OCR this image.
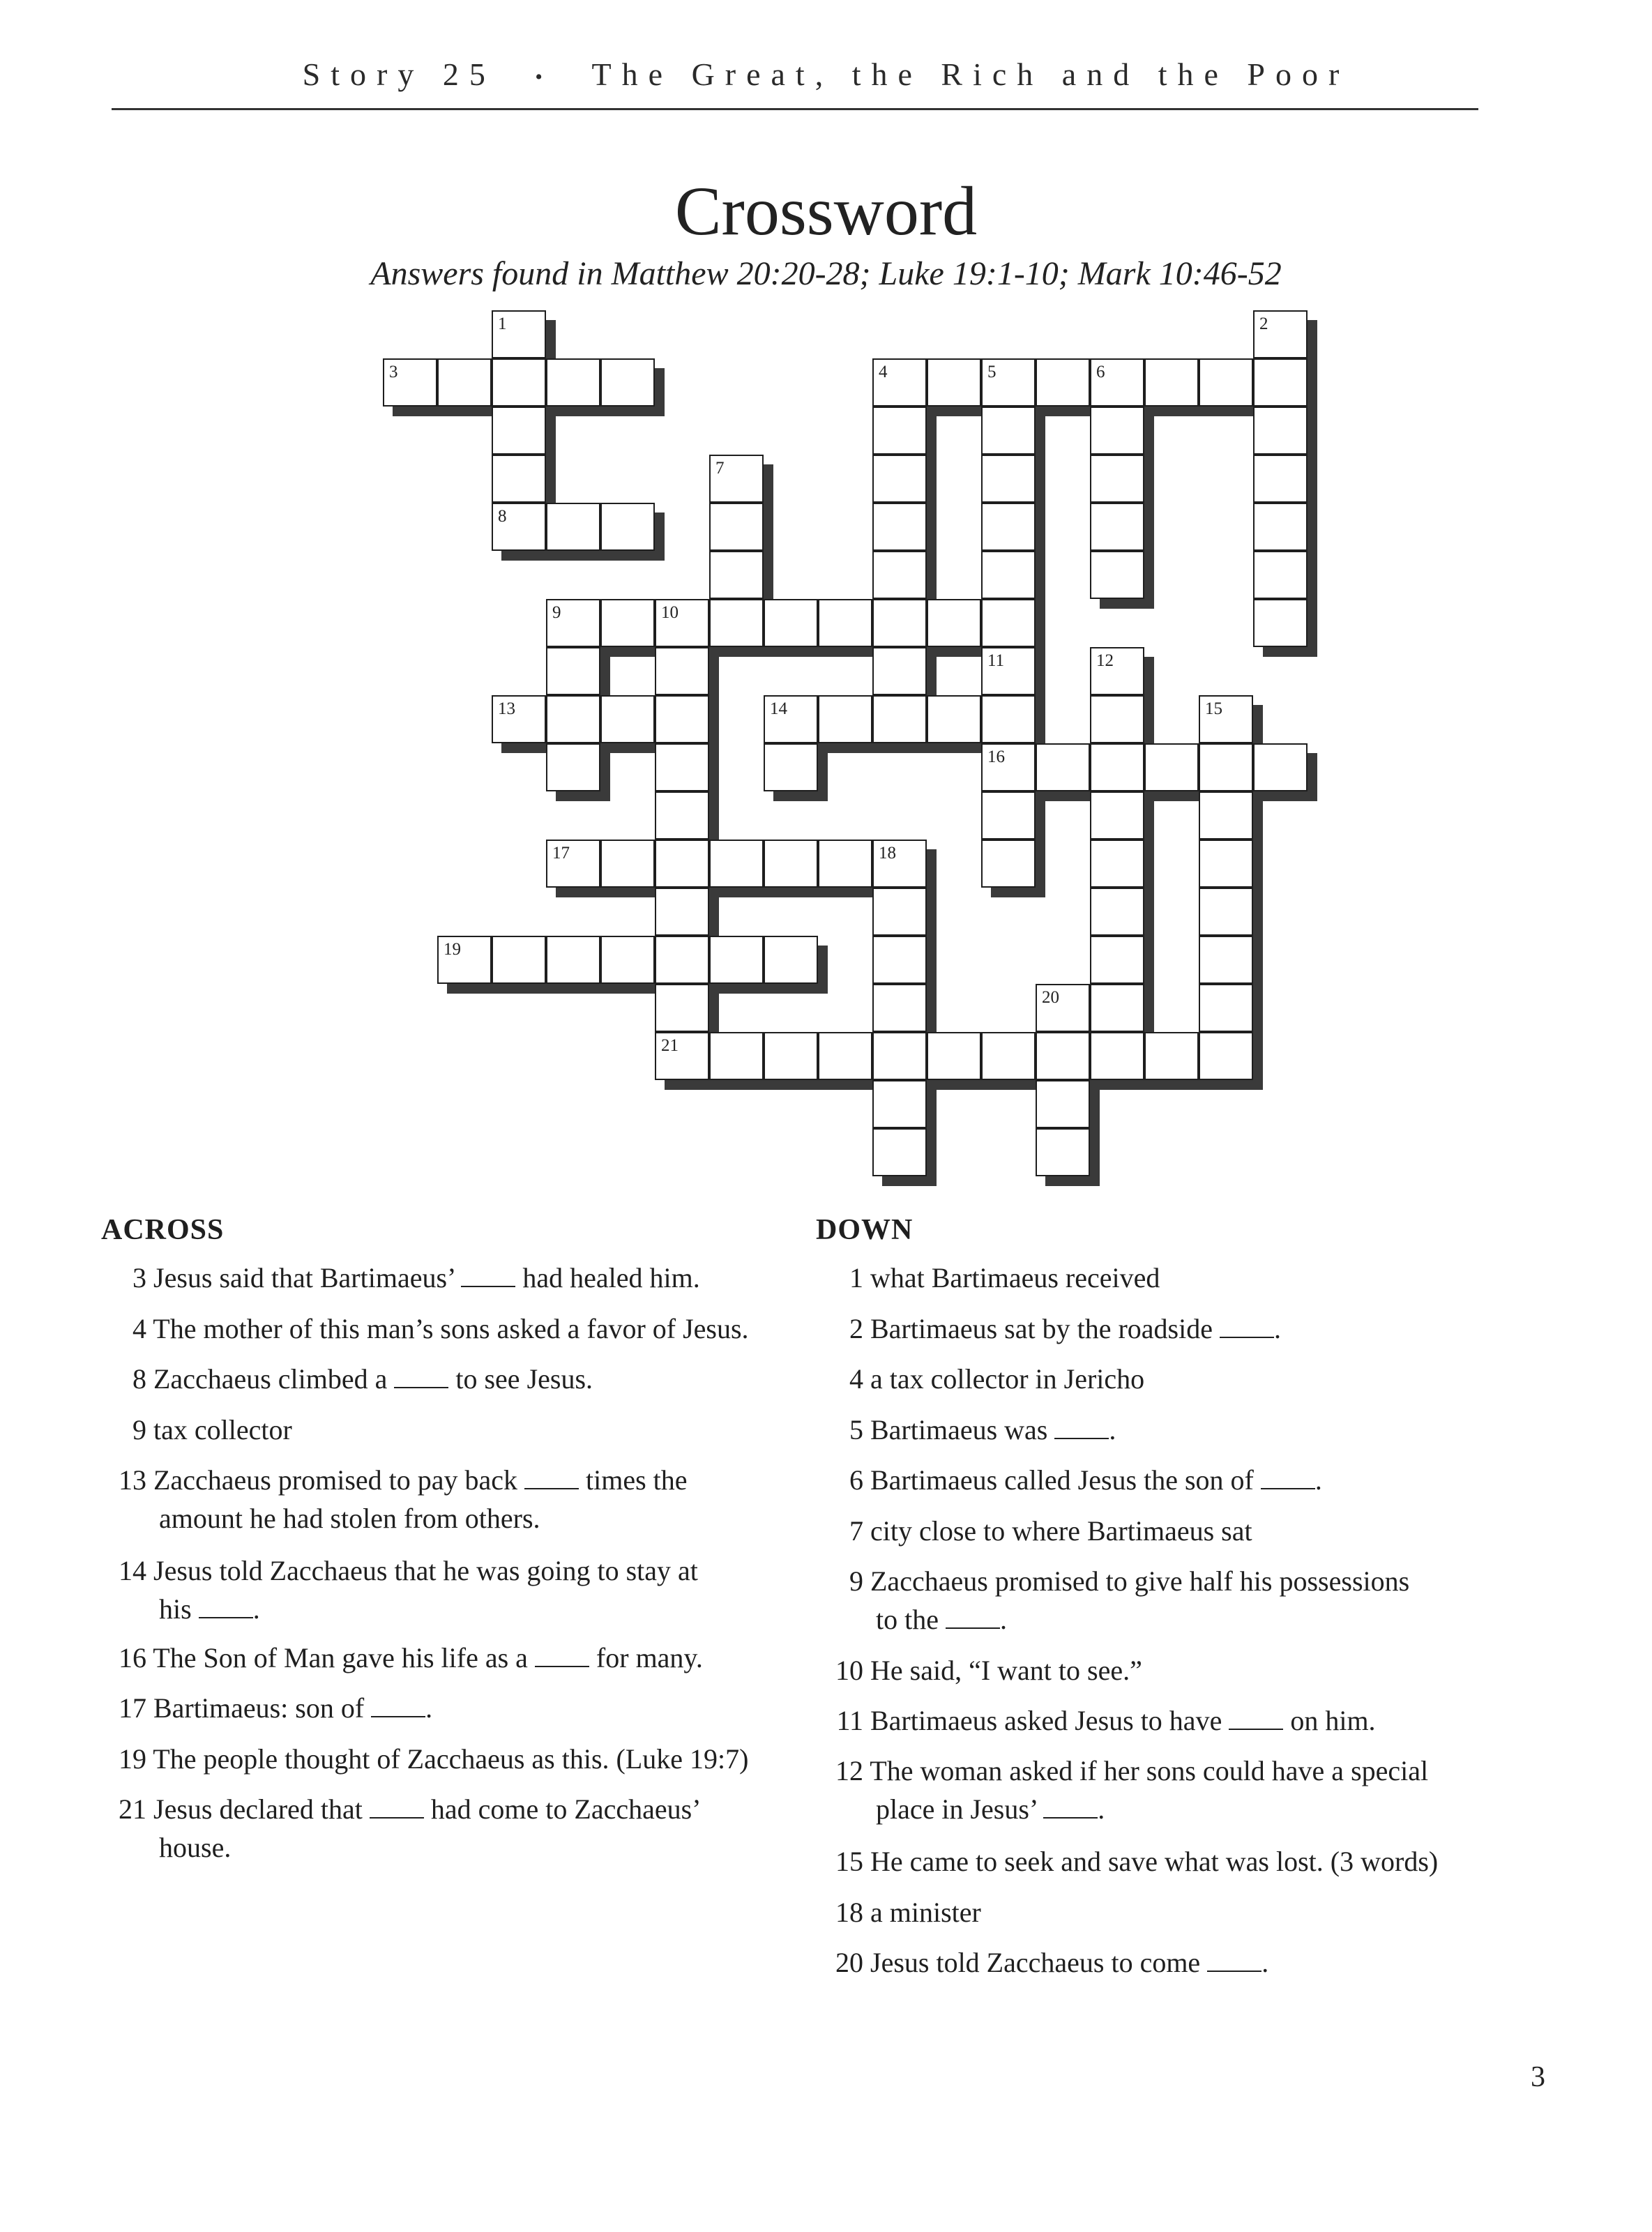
Story 25 • The Great, the Rich and the Poor
Crossword
Answers found in Matthew 20:20-28; Luke 19:1-10; Mark 10:46-52
1	2
3	4	5	6
7
8
9	10
11	12
13	14	15
16
17	18
19
20
21
ACROSS
3 Jesus said that Bartimaeus’  had healed him.
4 The mother of this man’s sons asked a favor of Jesus.
8 Zacchaeus climbed a  to see Jesus.
9 tax collector
13 Zacchaeus promised to pay back  times the
amount he had stolen from others.
14 Jesus told Zacchaeus that he was going to stay at
his .
16 The Son of Man gave his life as a  for many.
17 Bartimaeus: son of .
19 The people thought of Zacchaeus as this. (Luke 19:7)
21 Jesus declared that  had come to Zacchaeus’
house.
DOWN
1 what Bartimaeus received
2 Bartimaeus sat by the roadside .
4 a tax collector in Jericho
5 Bartimaeus was .
6 Bartimaeus called Jesus the son of .
7 city close to where Bartimaeus sat
9 Zacchaeus promised to give half his possessions
to the .
10 He said, “I want to see.”
11 Bartimaeus asked Jesus to have  on him.
12 The woman asked if her sons could have a special
place in Jesus’ .
15 He came to seek and save what was lost. (3 words)
18 a minister
20 Jesus told Zacchaeus to come .
3
